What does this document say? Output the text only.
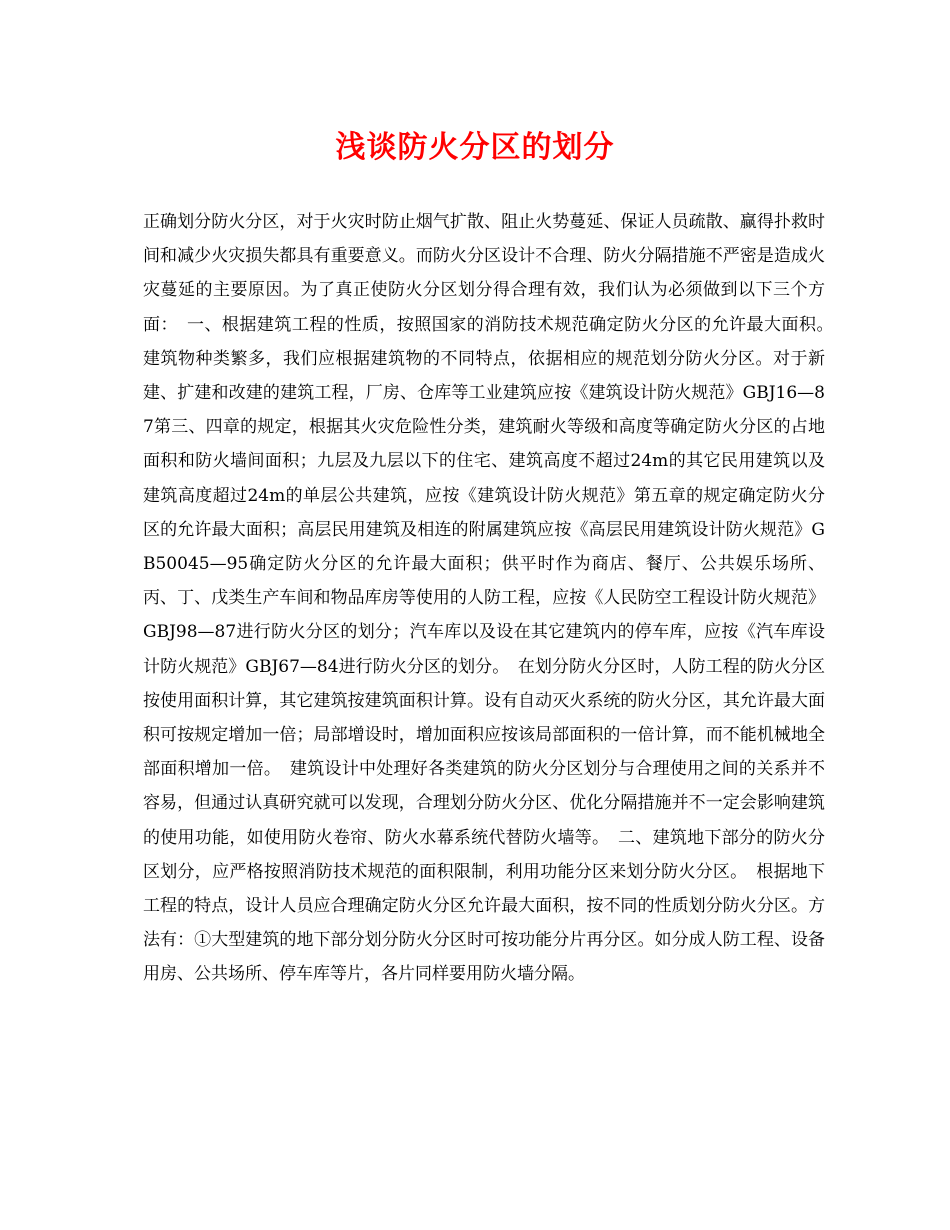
浅谈防火分区的划分

正确划分防火分区，对于火灾时防止烟气扩散、阻止火势蔓延、保证人员疏散、赢得扑救时间和减少火灾损失都具有重要意义。而防火分区设计不合理、防火分隔措施不严密是造成火灾蔓延的主要原因。为了真正使防火分区划分得合理有效，我们认为必须做到以下三个方面：　一、根据建筑工程的性质，按照国家的消防技术规范确定防火分区的允许最大面积。　建筑物种类繁多，我们应根据建筑物的不同特点，依据相应的规范划分防火分区。对于新建、扩建和改建的建筑工程，厂房、仓库等工业建筑应按《建筑设计防火规范》GBJ16—87第三、四章的规定，根据其火灾危险性分类，建筑耐火等级和高度等确定防火分区的占地面积和防火墙间面积；九层及九层以下的住宅、建筑高度不超过24m的其它民用建筑以及建筑高度超过24m的单层公共建筑，应按《建筑设计防火规范》第五章的规定确定防火分区的允许最大面积；高层民用建筑及相连的附属建筑应按《高层民用建筑设计防火规范》GB50045—95确定防火分区的允许最大面积；供平时作为商店、餐厅、公共娱乐场所、丙、丁、戊类生产车间和物品库房等使用的人防工程，应按《人民防空工程设计防火规范》GBJ98—87进行防火分区的划分；汽车库以及设在其它建筑内的停车库，应按《汽车库设计防火规范》GBJ67—84进行防火分区的划分。　在划分防火分区时，人防工程的防火分区按使用面积计算，其它建筑按建筑面积计算。设有自动灭火系统的防火分区，其允许最大面积可按规定增加一倍；局部增设时，增加面积应按该局部面积的一倍计算，而不能机械地全部面积增加一倍。　建筑设计中处理好各类建筑的防火分区划分与合理使用之间的关系并不容易，但通过认真研究就可以发现，合理划分防火分区、优化分隔措施并不一定会影响建筑的使用功能，如使用防火卷帘、防火水幕系统代替防火墙等。　二、建筑地下部分的防火分区划分，应严格按照消防技术规范的面积限制，利用功能分区来划分防火分区。　根据地下工程的特点，设计人员应合理确定防火分区允许最大面积，按不同的性质划分防火分区。方法有：①大型建筑的地下部分划分防火分区时可按功能分片再分区。如分成人防工程、设备用房、公共场所、停车库等片，各片同样要用防火墙分隔。
